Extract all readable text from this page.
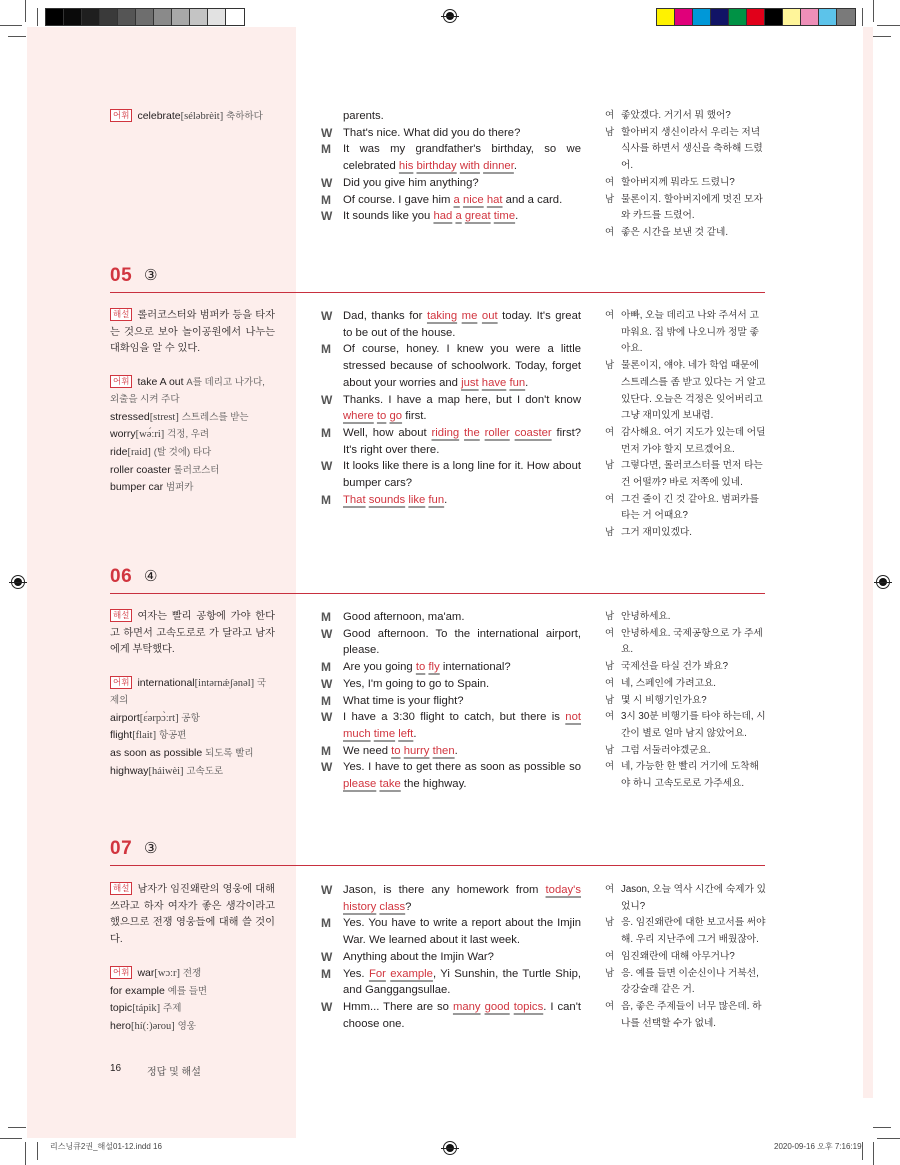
어휘 celebrate[séləbrèit] 축하하다	parents.
W That's nice. What did you do there?
M	It was my grandfather's birthday, so we celebrated his birthday with dinner.
W Did you give him anything?
M	Of course. I gave him a nice hat and a card.
W It sounds like you had a great time.
여 좋았겠다. 거기서 뭐 했어?
남 할아버지 생신이라서 우리는 저녁 식사를 하면서 생신을 축하해 드렸어.
여 할아버지께 뭐라도 드렸니?
남 물론이지. 할아버지에게 멋진 모자와 카드를 드렸어.
여 좋은 시간을 보낸 것 같네.
05 ③
해설 롤러코스터와 범퍼카 등을 타자는 것으로 보아 놀이공원에서 나누는 대화임을 알 수 있다.
어휘 take A out A를 데리고 나가다, 외출을 시켜 주다
stressed[strest] 스트레스를 받는
worry[wə́ːri] 걱정, 우려
ride[raid] (탈 것에) 타다
roller coaster 롤러코스터
bumper car 범퍼카
W Dad, thanks for taking me out today. It's great to be out of the house.
M	Of course, honey. I knew you were a little stressed because of schoolwork. Today, forget about your worries and just have fun.
W Thanks. I have a map here, but I don't know where to go first.
M	Well, how about riding the roller coaster first? It's right over there.
W It looks like there is a long line for it. How about bumper cars?
M	That sounds like fun.
여 아빠, 오늘 데리고 나와 주셔서 고마워요. 집 밖에 나오니까 정말 좋아요.
남 물론이지, 얘야. 네가 학업 때문에 스트레스를 좀 받고 있다는 거 알고 있단다. 오늘은 걱정은 잊어버리고 그냥 재미있게 보내렴.
여 감사해요. 여기 지도가 있는데 어딜 먼저 가야 할지 모르겠어요.
남 그렇다면, 롤러코스터를 먼저 타는 건 어떨까? 바로 저쪽에 있네.
여 그건 줄이 긴 것 같아요. 범퍼카를 타는 거 어때요?
남 그거 재미있겠다.
06 ④
해설 여자는 빨리 공항에 가야 한다고 하면서 고속도로로 가 달라고 남자에게 부탁했다.
어휘 international[intərnǽʃənəl] 국제의
airport[ɛ́ərpɔ̀ːrt] 공항
flight[flait] 항공편
as soon as possible 되도록 빨리
highway[háiwèi] 고속도로
M	Good afternoon, ma'am.
W Good afternoon. To the international airport, please.
M	Are you going to fly international?
W Yes, I'm going to go to Spain.
M	What time is your flight?
W I have a 3:30 flight to catch, but there is not much time left.
M	We need to hurry then.
W Yes. I have to get there as soon as possible so please take the highway.
남 안녕하세요.
여 안녕하세요. 국제공항으로 가 주세요.
남 국제선을 타실 건가 봐요?
여 네, 스페인에 가려고요.
남 몇 시 비행기인가요?
여 3시 30분 비행기를 타야 하는데, 시간이 별로 얼마 남지 않았어요.
남 그럼 서둘러야겠군요.
여 네, 가능한 한 빨리 거기에 도착해야 하니 고속도로로 가주세요.
07 ③
해설 남자가 임진왜란의 영웅에 대해 쓰라고 하자 여자가 좋은 생각이라고 했으므로 전쟁 영웅들에 대해 쓸 것이다.
어휘 war[wɔːr] 전쟁
for example 예를 들면
topic[tápik] 주제
hero[hí(ː)ərou] 영웅
W Jason, is there any homework from today's history class?
M	Yes. You have to write a report about the Imjin War. We learned about it last week.
W Anything about the Imjin War?
M	Yes. For example, Yi Sunshin, the Turtle Ship, and Ganggangsullae.
W Hmm... There are so many good topics. I can't choose one.
여 Jason, 오늘 역사 시간에 숙제가 있었니?
남 응. 임진왜란에 대한 보고서를 써야 해. 우리 지난주에 그거 배웠잖아.
여 임진왜란에 대해 아무거나?
남 응. 예를 들면 이순신이나 거북선, 강강술래 같은 거.
여 음, 좋은 주제들이 너무 많은데. 하나를 선택할 수가 없네.
16	정답 및 해설
리스닝큐2권_해설01-12.indd 16	2020-09-16 오후 7:16:19
